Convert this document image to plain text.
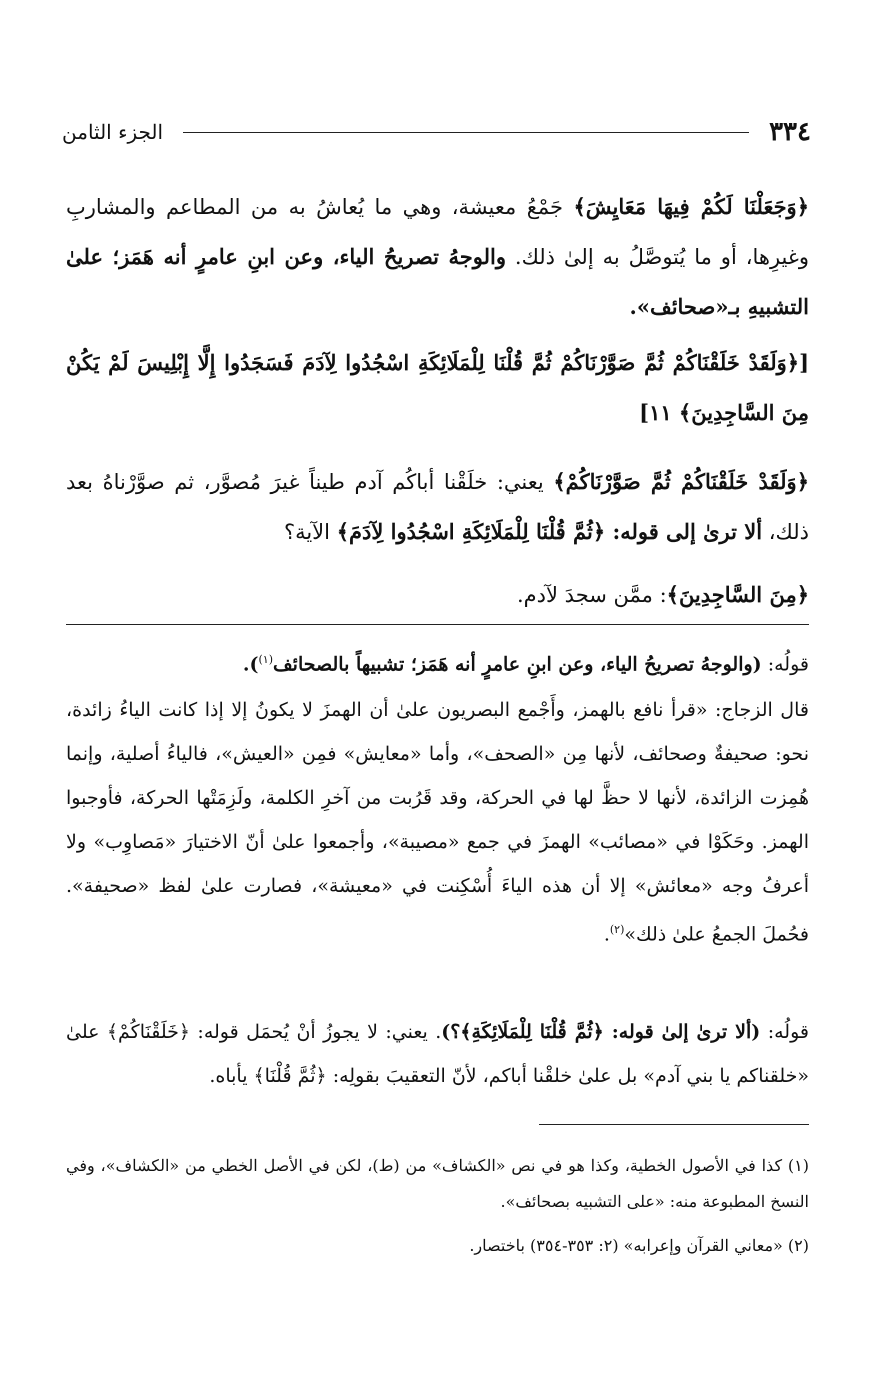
٣٣٤
الجزء الثامن
﴿وَجَعَلْنَا لَكُمْ فِيهَا مَعَايِشَ﴾ جَمْعُ معيشة، وهي ما يُعاشُ به من المطاعم والمشاربِ وغيرِها، أو ما يُتوصَّلُ به إلىٰ ذلك. والوجهُ تصريحُ الياء، وعن ابنِ عامرٍ أنه هَمَز؛ علىٰ التشبيهِ بـ«صحائف».
[﴿وَلَقَدْ خَلَقْنَاكُمْ ثُمَّ صَوَّرْنَاكُمْ ثُمَّ قُلْنَا لِلْمَلَائِكَةِ اسْجُدُوا لِآدَمَ فَسَجَدُوا إِلَّا إِبْلِيسَ لَمْ يَكُنْ مِنَ السَّاجِدِينَ﴾ ١١]
﴿وَلَقَدْ خَلَقْنَاكُمْ ثُمَّ صَوَّرْنَاكُمْ﴾ يعني: خلَقْنا أباكُم آدم طيناً غيرَ مُصوَّر، ثم صوَّرْناهُ بعد ذلك، ألا ترىٰ إلى قوله: ﴿ثُمَّ قُلْنَا لِلْمَلَائِكَةِ اسْجُدُوا لِآدَمَ﴾ الآية؟
﴿مِنَ السَّاجِدِينَ﴾: ممَّن سجدَ لآدم.
قولُه: (والوجهُ تصريحُ الياء، وعن ابنِ عامرٍ أنه هَمَز؛ تشبيهاً بالصحائف$^{(١)}$).
قال الزجاج: «قرأ نافع بالهمز، وأَجْمع البصريون علىٰ أن الهمزَ لا يكونُ إلا إذا كانت الياءُ زائدة، نحو: صحيفةٌ وصحائف، لأنها مِن «الصحف»، وأما «معايش» فمِن «العيش»، فالياءُ أصلية، وإنما هُمِزت الزائدة، لأنها لا حظَّ لها في الحركة، وقد قَرُبت من آخرِ الكلمة، ولَزِمَتْها الحركة، فأوجبوا الهمز. وحَكَوْا في «مصائب» الهمزَ في جمع «مصيبة»، وأجمعوا علىٰ أنّ الاختيارَ «مَصاوِب» ولا أعرفُ وجه «معائش» إلا أن هذه الياءَ أُسْكِنت في «معيشة»، فصارت علىٰ لفظ «صحيفة». فحُملَ الجمعُ علىٰ ذلك»$^{(٢)}$.
قولُه: (ألا ترىٰ إلىٰ قوله: ﴿ثُمَّ قُلْنَا لِلْمَلَائِكَةِ﴾؟). يعني: لا يجوزُ أنْ يُحمَل قوله: ﴿خَلَقْنَاكُمْ﴾ علىٰ «خلقناكم يا بني آدم» بل علىٰ خلقْنا أباكم، لأنّ التعقيبَ بقولِه: ﴿ثُمَّ قُلْنَا﴾ يأباه.
(١) كذا في الأصول الخطية، وكذا هو في نص «الكشاف» من (ط)، لكن في الأصل الخطي من «الكشاف»، وفي النسخ المطبوعة منه: «على التشبيه بصحائف».
(٢) «معاني القرآن وإعرابه» (٢: ٣٥٣-٣٥٤) باختصار.
